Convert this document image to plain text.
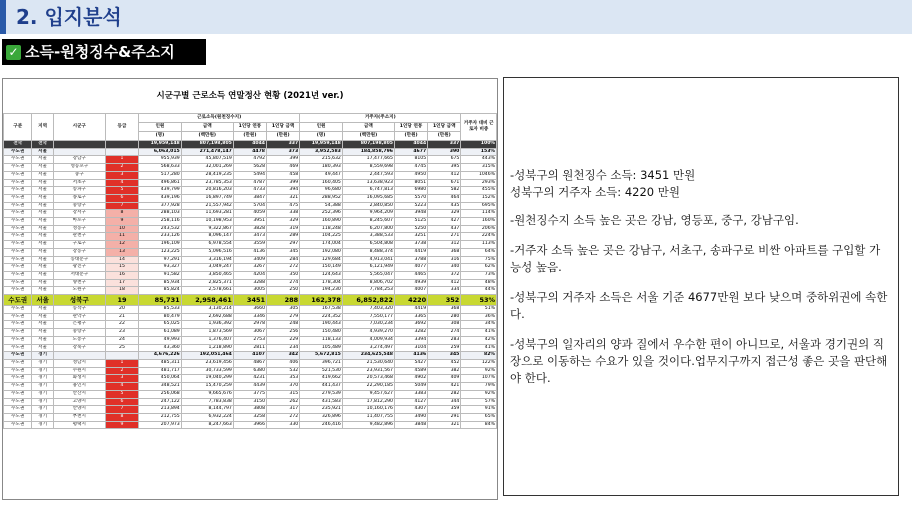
2. 입지분석
✓ 소득-원청징수&주소지
시군구별 근로소득 연말정산 현황 (2021년 ver.)
구분	지역	시군구	등급	근로소득(원천징수지)				거주자(주소지)				거주자 대비 근로자 비중
				인원	금액	1인당 연봉	1인당 금액	인원	금액	1인당 연봉	1인당 금액	
				(명)	(백만원)	(만원)	(만원)	(명)	(백만원)	(만원)	(만원)	
전국	전국			19,959,148	807,198,805	4044	337	19,959,148	807,198,805	4044	337	100%
수도권	서울			6,063,015	271,478,147	4478	373	3,952,583	184,858,796	4677	390	153%
수도권	서울	강남구	1	955,939	45,807,519	4792	399	215,632	17,477,665	8105	675	443%
수도권	서울	영등포구	2	568,633	32,001,269	5628	469	180,393	8,559,698	4745	395	315%
수도권	서울	중구	3	517,280	28,419,235	5494	458	49,447	2,447,593	4950	412	1046%
수도권	서울	서초구	4	496,861	23,785,353	4787	399	160,405	13,638,923	8051	671	293%
수도권	서울	송파구	5	439,799	20,816,203	4733	394	96,680	6,747,813	6980	582	455%
수도권	서울	종로구	6	439,196	16,897,749	3847	321	288,952	16,095,685	5570	464	152%
수도권	서울	중랑구	7	377,928	21,557,942	5704	475	54,388	2,840,850	5223	435	695%
수도권	서울	강서구	8	288,103	11,693,281	4059	338	252,396	9,964,209	3948	329	114%
수도권	서울	마포구	9	258,116	10,198,953	3951	329	160,890	8,245,607	5125	427	160%
수도권	서울	성동구	10	243,532	9,322,867	3828	319	118,248	6,207,800	5250	437	206%
수도권	서울	관천구	11	233,126	8,096,147	3473	289	104,225	3,388,533	3251	271	224%
수도권	서울	구로구	12	196,109	6,978,554	3559	297	174,004	6,504,808	3738	312	113%
수도권	서울	강동구	13	123,225	5,096,516	4136	345	192,080	8,488,374	4419	368	64%
수도권	서울	동대문구	14	97,291	3,316,194	3409	284	129,684	4,913,041	3788	316	75%
수도권	서울	광진구	15	93,327	3,049,247	3267	272	150,149	6,121,949	4077	340	62%
수도권	서울	서대문구	16	91,582	3,850,465	4204	350	124,643	5,565,047	4465	372	73%
수도권	서울	양천구	17	85,934	2,825,371	3288	274	178,304	8,806,702	4939	412	48%
수도권	서울	노원구	18	85,824	2,578,661	3005	250	194,230	7,784,253	4007	334	44%
수도권	서울	성북구	19	85,731	2,958,461	3451	288	162,378	6,852,822	4220	352	53%
수도권	서울	동작구	20	85,533	3,130,214	3660	305	167,538	7,403,320	4419	368	51%
수도권	서울	관악구	21	80,479	2,692,688	3346	279	224,352	7,550,177	3365	280	36%
수도권	서울	은평구	22	65,025	1,936,392	2978	248	190,443	7,030,234	3692	308	34%
수도권	서울	중랑구	23	61,089	1,873,569	3067	256	150,480	4,939,270	3282	274	41%
수도권	서울	도봉구	24	49,993	1,376,407	2753	229	118,133	4,009,934	3394	283	42%
수도권	서울	강북구	25	43,360	1,218,890	2811	234	105,489	3,274,497	3104	259	41%
수도권	경기			4,676,226	192,051,464	4107	342	5,672,815	234,625,548	4136	345	82%
수도권	경기	성남시	1	485,311	23,619,456	4867	406	396,721	21,530,640	5427	452	122%
수도권	경기	수원시	2	481,717	30,733,599	6380	532	521,530	23,931,567	4589	382	92%
수도권	경기	화성시	3	450,064	19,040,299	4231	353	419,662	20,573,468	4902	409	107%
수도권	경기	용인시	4	348,521	15,470,259	4439	370	441,437	22,290,185	5049	421	79%
수도권	경기	안산시	5	256,068	9,665,676	3775	315	279,539	9,457,627	3383	282	92%
수도권	경기	고양시	6	247,122	7,783,838	3150	262	431,583	17,812,290	4127	344	57%
수도권	경기	안양시	7	213,894	8,144,797	3808	317	235,921	10,160,176	4307	359	91%
수도권	경기	부천시	8	212,755	6,932,224	3258	272	326,896	11,407,755	3490	291	65%
수도권	경기	평택시	9	207,973	8,247,663	3966	330	246,416	9,482,896	3848	321	84%

-성북구의 원천징수 소득: 3451 만원
성북구의 거주자 소득: 4220 만원

-원천징수지 소득 높은 곳은 강남, 영등포, 중구, 강남구임.

-거주자 소득 높은 곳은 강남구, 서초구, 송파구로 비싼 아파트를 구입할 가능성 높음.

-성북구의 거주자 소득은 서울 기준 4677만원 보다 낮으며 중하위권에 속한다.

-성북구의 일자리의 양과 질에서 우수한 편이 아니므로, 서울과 경기권의 직장으로 이동하는 수요가 있을 것이다.업무지구까지 접근성 좋은 곳을 판단해야 한다.
